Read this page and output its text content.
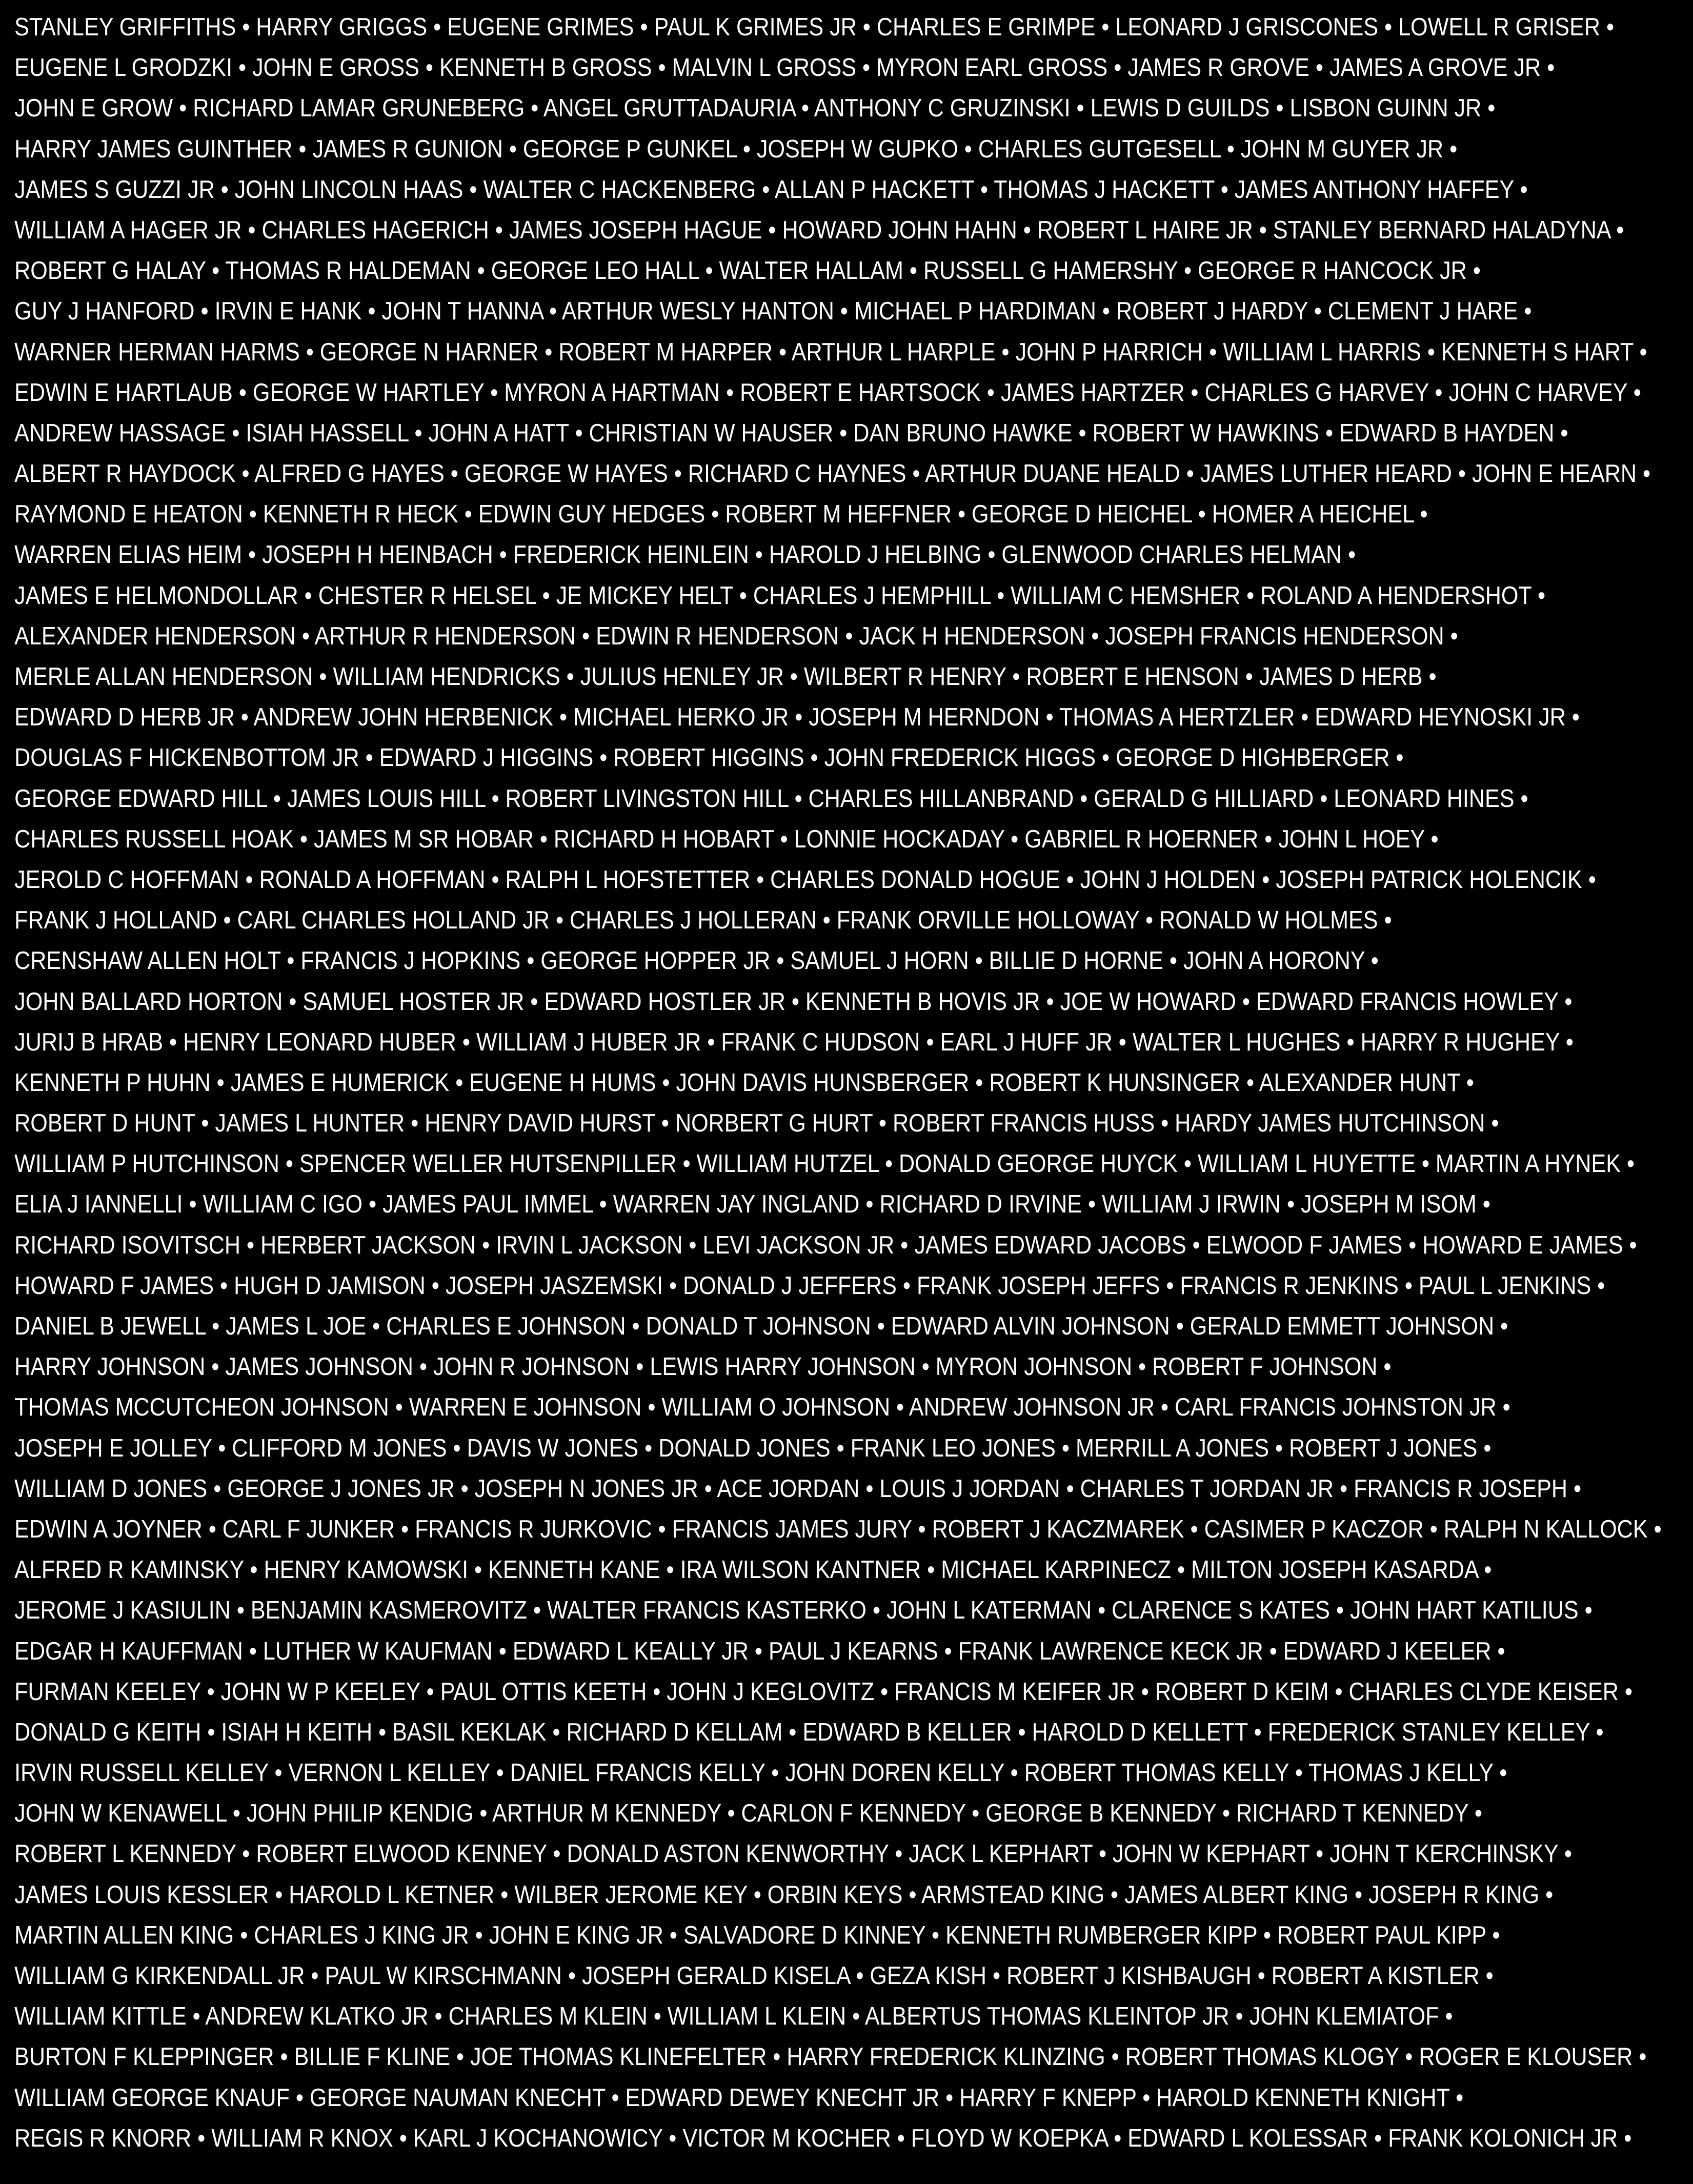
STANLEY GRIFFITHS • HARRY GRIGGS • EUGENE GRIMES • PAUL K GRIMES JR • CHARLES E GRIMPE • LEONARD J GRISCONES • LOWELL R GRISER •
EUGENE L GRODZKI • JOHN E GROSS • KENNETH B GROSS • MALVIN L GROSS • MYRON EARL GROSS • JAMES R GROVE • JAMES A GROVE JR •
JOHN E GROW • RICHARD LAMAR GRUNEBERG • ANGEL GRUTTADAURIA • ANTHONY C GRUZINSKI • LEWIS D GUILDS • LISBON GUINN JR •
HARRY JAMES GUINTHER • JAMES R GUNION • GEORGE P GUNKEL • JOSEPH W GUPKO • CHARLES GUTGESELL • JOHN M GUYER JR •
JAMES S GUZZI JR • JOHN LINCOLN HAAS • WALTER C HACKENBERG • ALLAN P HACKETT • THOMAS J HACKETT • JAMES ANTHONY HAFFEY •
WILLIAM A HAGER JR • CHARLES HAGERICH • JAMES JOSEPH HAGUE • HOWARD JOHN HAHN • ROBERT L HAIRE JR • STANLEY BERNARD HALADYNA •
ROBERT G HALAY • THOMAS R HALDEMAN • GEORGE LEO HALL • WALTER HALLAM • RUSSELL G HAMERSHY • GEORGE R HANCOCK JR •
GUY J HANFORD • IRVIN E HANK • JOHN T HANNA • ARTHUR WESLY HANTON • MICHAEL P HARDIMAN • ROBERT J HARDY • CLEMENT J HARE •
WARNER HERMAN HARMS • GEORGE N HARNER • ROBERT M HARPER • ARTHUR L HARPLE • JOHN P HARRICH • WILLIAM L HARRIS • KENNETH S HART •
EDWIN E HARTLAUB • GEORGE W HARTLEY • MYRON A HARTMAN • ROBERT E HARTSOCK • JAMES HARTZER • CHARLES G HARVEY • JOHN C HARVEY •
ANDREW HASSAGE • ISIAH HASSELL • JOHN A HATT • CHRISTIAN W HAUSER • DAN BRUNO HAWKE • ROBERT W HAWKINS • EDWARD B HAYDEN •
ALBERT R HAYDOCK • ALFRED G HAYES • GEORGE W HAYES • RICHARD C HAYNES • ARTHUR DUANE HEALD • JAMES LUTHER HEARD • JOHN E HEARN •
RAYMOND E HEATON • KENNETH R HECK • EDWIN GUY HEDGES • ROBERT M HEFFNER • GEORGE D HEICHEL • HOMER A HEICHEL •
WARREN ELIAS HEIM • JOSEPH H HEINBACH • FREDERICK HEINLEIN • HAROLD J HELBING • GLENWOOD CHARLES HELMAN •
JAMES E HELMONDOLLAR • CHESTER R HELSEL • JE MICKEY HELT • CHARLES J HEMPHILL • WILLIAM C HEMSHER • ROLAND A HENDERSHOT •
ALEXANDER HENDERSON • ARTHUR R HENDERSON • EDWIN R HENDERSON • JACK H HENDERSON • JOSEPH FRANCIS HENDERSON •
MERLE ALLAN HENDERSON • WILLIAM HENDRICKS • JULIUS HENLEY JR • WILBERT R HENRY • ROBERT E HENSON • JAMES D HERB •
EDWARD D HERB JR • ANDREW JOHN HERBENICK • MICHAEL HERKO JR • JOSEPH M HERNDON • THOMAS A HERTZLER • EDWARD HEYNOSKI JR •
DOUGLAS F HICKENBOTTOM JR • EDWARD J HIGGINS • ROBERT HIGGINS • JOHN FREDERICK HIGGS • GEORGE D HIGHBERGER •
GEORGE EDWARD HILL • JAMES LOUIS HILL • ROBERT LIVINGSTON HILL • CHARLES HILLANBRAND • GERALD G HILLIARD • LEONARD HINES •
CHARLES RUSSELL HOAK • JAMES M SR HOBAR • RICHARD H HOBART • LONNIE HOCKADAY • GABRIEL R HOERNER • JOHN L HOEY •
JEROLD C HOFFMAN • RONALD A HOFFMAN • RALPH L HOFSTETTER • CHARLES DONALD HOGUE • JOHN J HOLDEN • JOSEPH PATRICK HOLENCIK •
FRANK J HOLLAND • CARL CHARLES HOLLAND JR • CHARLES J HOLLERAN • FRANK ORVILLE HOLLOWAY • RONALD W HOLMES •
CRENSHAW ALLEN HOLT • FRANCIS J HOPKINS • GEORGE HOPPER JR • SAMUEL J HORN • BILLIE D HORNE • JOHN A HORONY •
JOHN BALLARD HORTON • SAMUEL HOSTER JR • EDWARD HOSTLER JR • KENNETH B HOVIS JR • JOE W HOWARD • EDWARD FRANCIS HOWLEY •
JURIJ B HRAB • HENRY LEONARD HUBER • WILLIAM J HUBER JR • FRANK C HUDSON • EARL J HUFF JR • WALTER L HUGHES • HARRY R HUGHEY •
KENNETH P HUHN • JAMES E HUMERICK • EUGENE H HUMS • JOHN DAVIS HUNSBERGER • ROBERT K HUNSINGER • ALEXANDER HUNT •
ROBERT D HUNT • JAMES L HUNTER • HENRY DAVID HURST • NORBERT G HURT • ROBERT FRANCIS HUSS • HARDY JAMES HUTCHINSON •
WILLIAM P HUTCHINSON • SPENCER WELLER HUTSENPILLER • WILLIAM HUTZEL • DONALD GEORGE HUYCK • WILLIAM L HUYETTE • MARTIN A HYNEK •
ELIA J IANNELLI • WILLIAM C IGO • JAMES PAUL IMMEL • WARREN JAY INGLAND • RICHARD D IRVINE • WILLIAM J IRWIN • JOSEPH M ISOM •
RICHARD ISOVITSCH • HERBERT JACKSON • IRVIN L JACKSON • LEVI JACKSON JR • JAMES EDWARD JACOBS • ELWOOD F JAMES • HOWARD E JAMES •
HOWARD F JAMES • HUGH D JAMISON • JOSEPH JASZEMSKI • DONALD J JEFFERS • FRANK JOSEPH JEFFS • FRANCIS R JENKINS • PAUL L JENKINS •
DANIEL B JEWELL • JAMES L JOE • CHARLES E JOHNSON • DONALD T JOHNSON • EDWARD ALVIN JOHNSON • GERALD EMMETT JOHNSON •
HARRY JOHNSON • JAMES JOHNSON • JOHN R JOHNSON • LEWIS HARRY JOHNSON • MYRON JOHNSON • ROBERT F JOHNSON •
THOMAS MCCUTCHEON JOHNSON • WARREN E JOHNSON • WILLIAM O JOHNSON • ANDREW JOHNSON JR • CARL FRANCIS JOHNSTON JR •
JOSEPH E JOLLEY • CLIFFORD M JONES • DAVIS W JONES • DONALD JONES • FRANK LEO JONES • MERRILL A JONES • ROBERT J JONES •
WILLIAM D JONES • GEORGE J JONES JR • JOSEPH N JONES JR • ACE JORDAN • LOUIS J JORDAN • CHARLES T JORDAN JR • FRANCIS R JOSEPH •
EDWIN A JOYNER • CARL F JUNKER • FRANCIS R JURKOVIC • FRANCIS JAMES JURY • ROBERT J KACZMAREK • CASIMER P KACZOR • RALPH N KALLOCK •
ALFRED R KAMINSKY • HENRY KAMOWSKI • KENNETH KANE • IRA WILSON KANTNER • MICHAEL KARPINECZ • MILTON JOSEPH KASARDA •
JEROME J KASIULIN • BENJAMIN KASMEROVITZ • WALTER FRANCIS KASTERKO • JOHN L KATERMAN • CLARENCE S KATES • JOHN HART KATILIUS •
EDGAR H KAUFFMAN • LUTHER W KAUFMAN • EDWARD L KEALLY JR • PAUL J KEARNS • FRANK LAWRENCE KECK JR • EDWARD J KEELER •
FURMAN KEELEY • JOHN W P KEELEY • PAUL OTTIS KEETH • JOHN J KEGLOVITZ • FRANCIS M KEIFER JR • ROBERT D KEIM • CHARLES CLYDE KEISER •
DONALD G KEITH • ISIAH H KEITH • BASIL KEKLAK • RICHARD D KELLAM • EDWARD B KELLER • HAROLD D KELLETT • FREDERICK STANLEY KELLEY •
IRVIN RUSSELL KELLEY • VERNON L KELLEY • DANIEL FRANCIS KELLY • JOHN DOREN KELLY • ROBERT THOMAS KELLY • THOMAS J KELLY •
JOHN W KENAWELL • JOHN PHILIP KENDIG • ARTHUR M KENNEDY • CARLON F KENNEDY • GEORGE B KENNEDY • RICHARD T KENNEDY •
ROBERT L KENNEDY • ROBERT ELWOOD KENNEY • DONALD ASTON KENWORTHY • JACK L KEPHART • JOHN W KEPHART • JOHN T KERCHINSKY •
JAMES LOUIS KESSLER • HAROLD L KETNER • WILBER JEROME KEY • ORBIN KEYS • ARMSTEAD KING • JAMES ALBERT KING • JOSEPH R KING •
MARTIN ALLEN KING • CHARLES J KING JR • JOHN E KING JR • SALVADORE D KINNEY • KENNETH RUMBERGER KIPP • ROBERT PAUL KIPP •
WILLIAM G KIRKENDALL JR • PAUL W KIRSCHMANN • JOSEPH GERALD KISELA • GEZA KISH • ROBERT J KISHBAUGH • ROBERT A KISTLER •
WILLIAM KITTLE • ANDREW KLATKO JR • CHARLES M KLEIN • WILLIAM L KLEIN • ALBERTUS THOMAS KLEINTOP JR • JOHN KLEMIATOF •
BURTON F KLEPPINGER • BILLIE F KLINE • JOE THOMAS KLINEFELTER • HARRY FREDERICK KLINZING • ROBERT THOMAS KLOGY • ROGER E KLOUSER •
WILLIAM GEORGE KNAUF • GEORGE NAUMAN KNECHT • EDWARD DEWEY KNECHT JR • HARRY F KNEPP • HAROLD KENNETH KNIGHT •
REGIS R KNORR • WILLIAM R KNOX • KARL J KOCHANOWICY • VICTOR M KOCHER • FLOYD W KOEPKA • EDWARD L KOLESSAR • FRANK KOLONICH JR •
